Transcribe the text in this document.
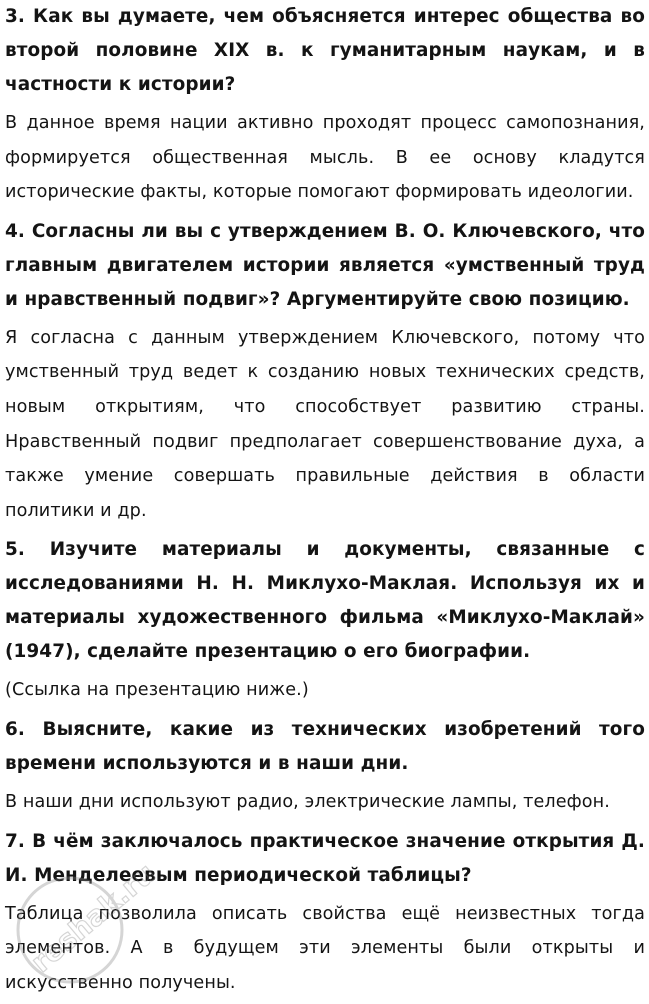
3. Как вы думаете, чем объясняется интерес общества во второй половине XIX в. к гуманитарным наукам, и в частности к истории?

В данное время нации активно проходят процесс самопознания, формируется общественная мысль. В ее основу кладутся исторические факты, которые помогают формировать идеологии.

4. Согласны ли вы с утверждением В. О. Ключевского, что главным двигателем истории является «умственный труд и нравственный подвиг»? Аргументируйте свою позицию.

Я согласна с данным утверждением Ключевского, потому что умственный труд ведет к созданию новых технических средств, новым открытиям, что способствует развитию страны. Нравственный подвиг предполагает совершенствование духа, а также умение совершать правильные действия в области политики и др.

5. Изучите материалы и документы, связанные с исследованиями Н. Н. Миклухо-Маклая. Используя их и материалы художественного фильма «Миклухо-Маклай» (1947), сделайте презентацию о его биографии.

(Ссылка на презентацию ниже.)

6. Выясните, какие из технических изобретений того времени используются и в наши дни.

В наши дни используют радио, электрические лампы, телефон.

7. В чём заключалось практическое значение открытия Д. И. Менделеевым периодической таблицы?

Таблица позволила описать свойства ещё неизвестных тогда элементов. А в будущем эти элементы были открыты и искусственно получены.

reshak.ru
